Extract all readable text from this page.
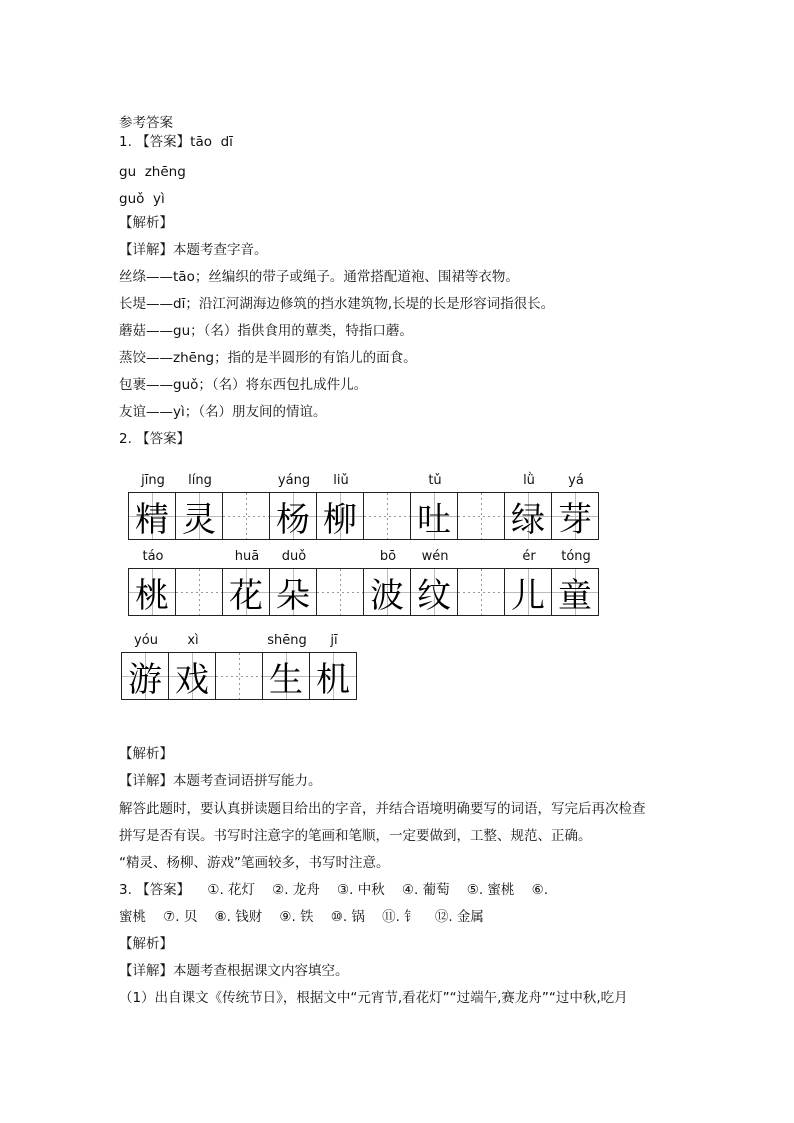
参考答案
1. 【答案】tāo  dī
gu  zhēng
guǒ  yì
【解析】
【详解】本题考查字音。
丝绦——tāo；丝编织的带子或绳子。通常搭配道袍、围裙等衣物。
长堤——dī；沿江河湖海边修筑的挡水建筑物,长堤的长是形容词指很长。
蘑菇——gu；（名）指供食用的蕈类，特指口蘑。
蒸饺——zhēng；指的是半圆形的有馅儿的面食。
包裹——guǒ；（名）将东西包扎成件儿。
友谊——yì；（名）朋友间的情谊。
2. 【答案】
jīng
精
líng
灵
yáng
杨
liǔ
柳
tǔ
吐
lǜ
绿
yá
芽
táo
桃
huā
花
duǒ
朵
bō
波
wén
纹
ér
儿
tóng
童
yóu
游
xì
戏
shēng
生
jī
机
【解析】
【详解】本题考查词语拼写能力。
解答此题时，要认真拼读题目给出的字音，并结合语境明确要写的词语，写完后再次检查
拼写是否有误。书写时注意字的笔画和笔顺，一定要做到，工整、规范、正确。
“精灵、杨柳、游戏”笔画较多，书写时注意。
3. 【答案】    ①. 花灯    ②. 龙舟    ③. 中秋    ④. 葡萄    ⑤. 蜜桃    ⑥.
蜜桃    ⑦. 贝    ⑧. 钱财    ⑨. 铁    ⑩. 锅    ⑪. 钅    ⑫. 金属
【解析】
【详解】本题考查根据课文内容填空。
（1）出自课文《传统节日》，根据文中“元宵节,看花灯”“过端午,赛龙舟”“过中秋,吃月
